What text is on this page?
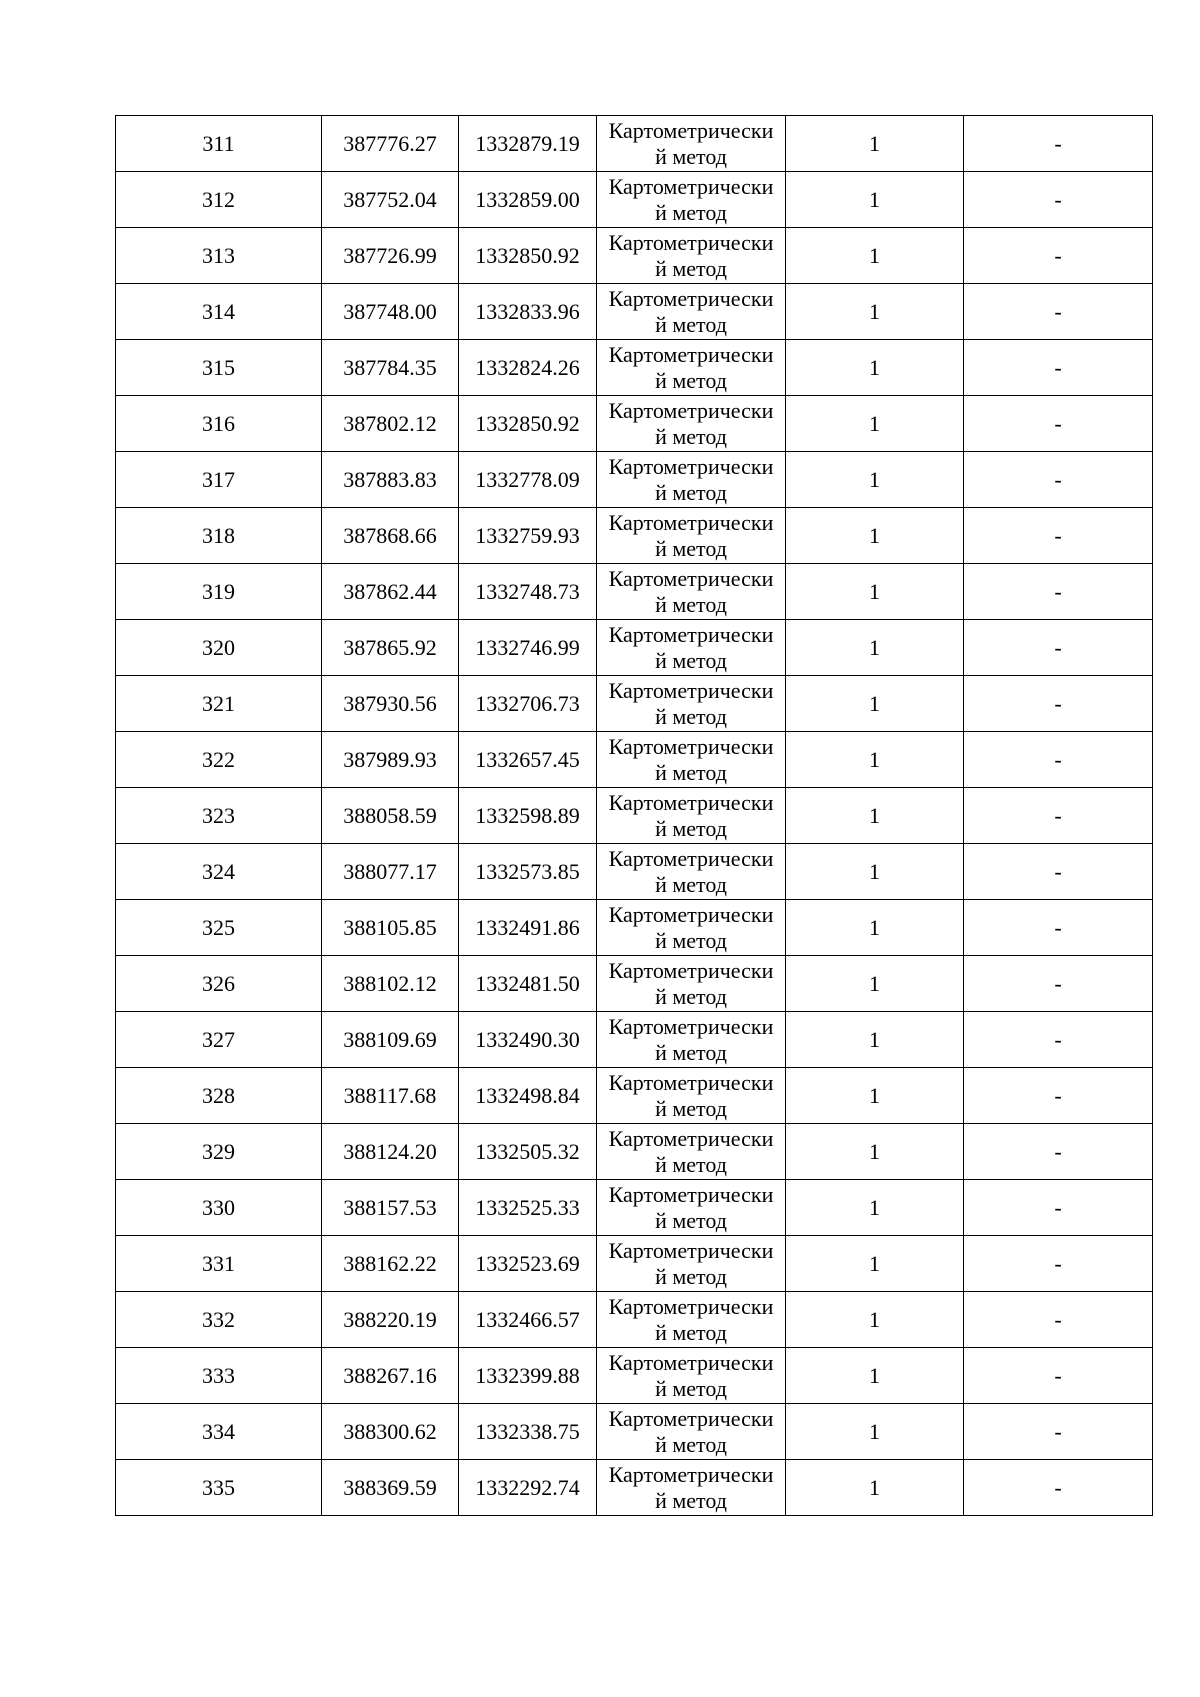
311	387776.27	1332879.19	Картометрически
й метод	1	-
312	387752.04	1332859.00	Картометрически
й метод	1	-
313	387726.99	1332850.92	Картометрически
й метод	1	-
314	387748.00	1332833.96	Картометрически
й метод	1	-
315	387784.35	1332824.26	Картометрически
й метод	1	-
316	387802.12	1332850.92	Картометрически
й метод	1	-
317	387883.83	1332778.09	Картометрически
й метод	1	-
318	387868.66	1332759.93	Картометрически
й метод	1	-
319	387862.44	1332748.73	Картометрически
й метод	1	-
320	387865.92	1332746.99	Картометрически
й метод	1	-
321	387930.56	1332706.73	Картометрически
й метод	1	-
322	387989.93	1332657.45	Картометрически
й метод	1	-
323	388058.59	1332598.89	Картометрически
й метод	1	-
324	388077.17	1332573.85	Картометрически
й метод	1	-
325	388105.85	1332491.86	Картометрически
й метод	1	-
326	388102.12	1332481.50	Картометрически
й метод	1	-
327	388109.69	1332490.30	Картометрически
й метод	1	-
328	388117.68	1332498.84	Картометрически
й метод	1	-
329	388124.20	1332505.32	Картометрически
й метод	1	-
330	388157.53	1332525.33	Картометрически
й метод	1	-
331	388162.22	1332523.69	Картометрически
й метод	1	-
332	388220.19	1332466.57	Картометрически
й метод	1	-
333	388267.16	1332399.88	Картометрически
й метод	1	-
334	388300.62	1332338.75	Картометрически
й метод	1	-
335	388369.59	1332292.74	Картометрически
й метод	1	-
